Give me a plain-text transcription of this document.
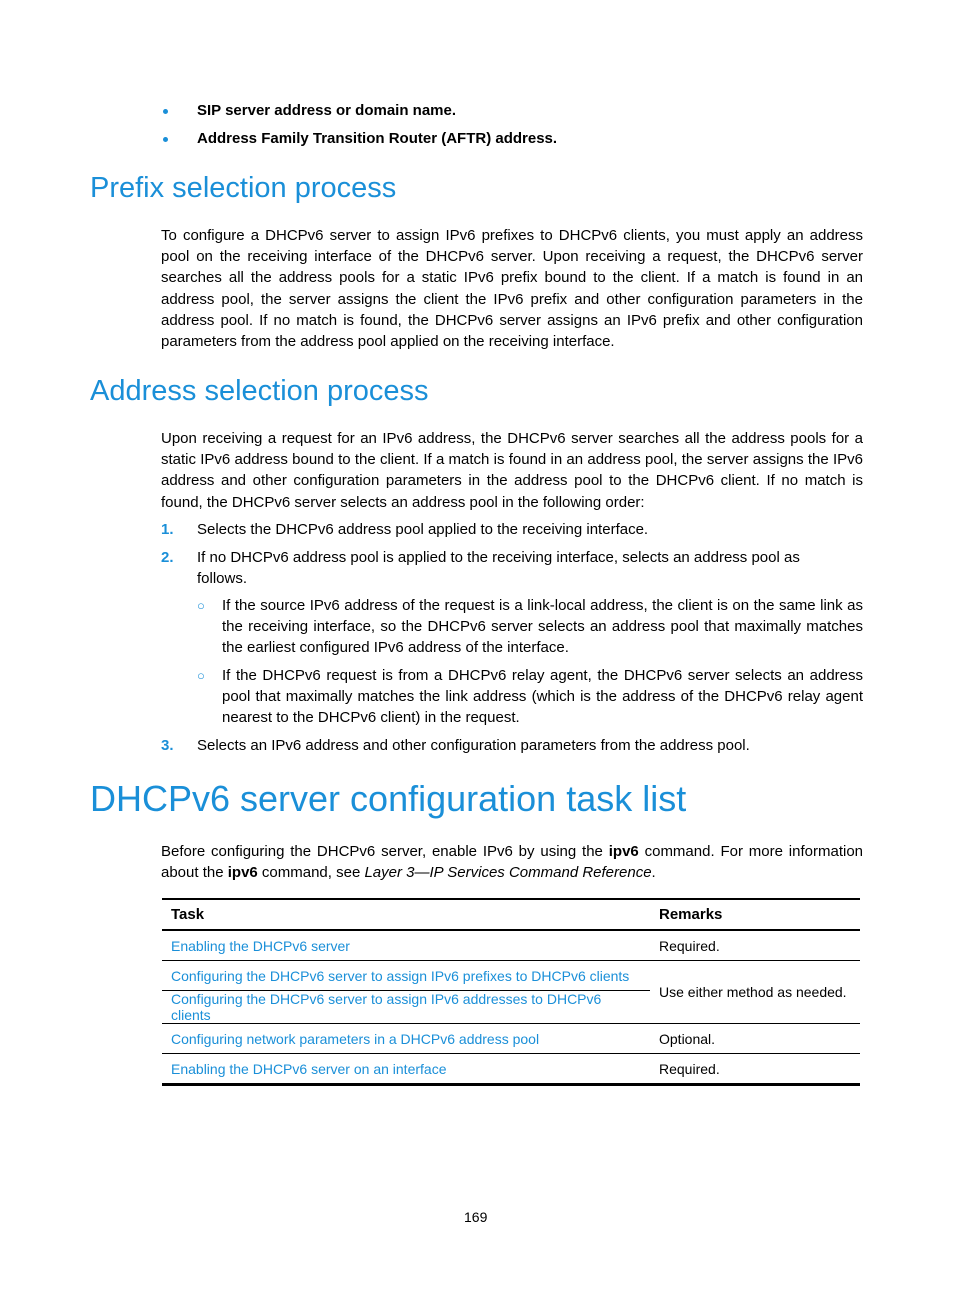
SIP server address or domain name.
Address Family Transition Router (AFTR) address.
Prefix selection process
To configure a DHCPv6 server to assign IPv6 prefixes to DHCPv6 clients, you must apply an address pool on the receiving interface of the DHCPv6 server. Upon receiving a request, the DHCPv6 server searches all the address pools for a static IPv6 prefix bound to the client. If a match is found in an address pool, the server assigns the client the IPv6 prefix and other configuration parameters in the address pool. If no match is found, the DHCPv6 server assigns an IPv6 prefix and other configuration parameters from the address pool applied on the receiving interface.
Address selection process
Upon receiving a request for an IPv6 address, the DHCPv6 server searches all the address pools for a static IPv6 address bound to the client. If a match is found in an address pool, the server assigns the IPv6 address and other configuration parameters in the address pool to the DHCPv6 client. If no match is found, the DHCPv6 server selects an address pool in the following order:
1. Selects the DHCPv6 address pool applied to the receiving interface.
2. If no DHCPv6 address pool is applied to the receiving interface, selects an address pool as follows.
○ If the source IPv6 address of the request is a link-local address, the client is on the same link as the receiving interface, so the DHCPv6 server selects an address pool that maximally matches the earliest configured IPv6 address of the interface.
○ If the DHCPv6 request is from a DHCPv6 relay agent, the DHCPv6 server selects an address pool that maximally matches the link address (which is the address of the DHCPv6 relay agent nearest to the DHCPv6 client) in the request.
3. Selects an IPv6 address and other configuration parameters from the address pool.
DHCPv6 server configuration task list
Before configuring the DHCPv6 server, enable IPv6 by using the ipv6 command. For more information about the ipv6 command, see Layer 3—IP Services Command Reference.
Task	Remarks
Enabling the DHCPv6 server	Required.
Configuring the DHCPv6 server to assign IPv6 prefixes to DHCPv6 clients	Use either method as needed.
Configuring the DHCPv6 server to assign IPv6 addresses to DHCPv6 clients	
Configuring network parameters in a DHCPv6 address pool	Optional.
Enabling the DHCPv6 server on an interface	Required.
169
